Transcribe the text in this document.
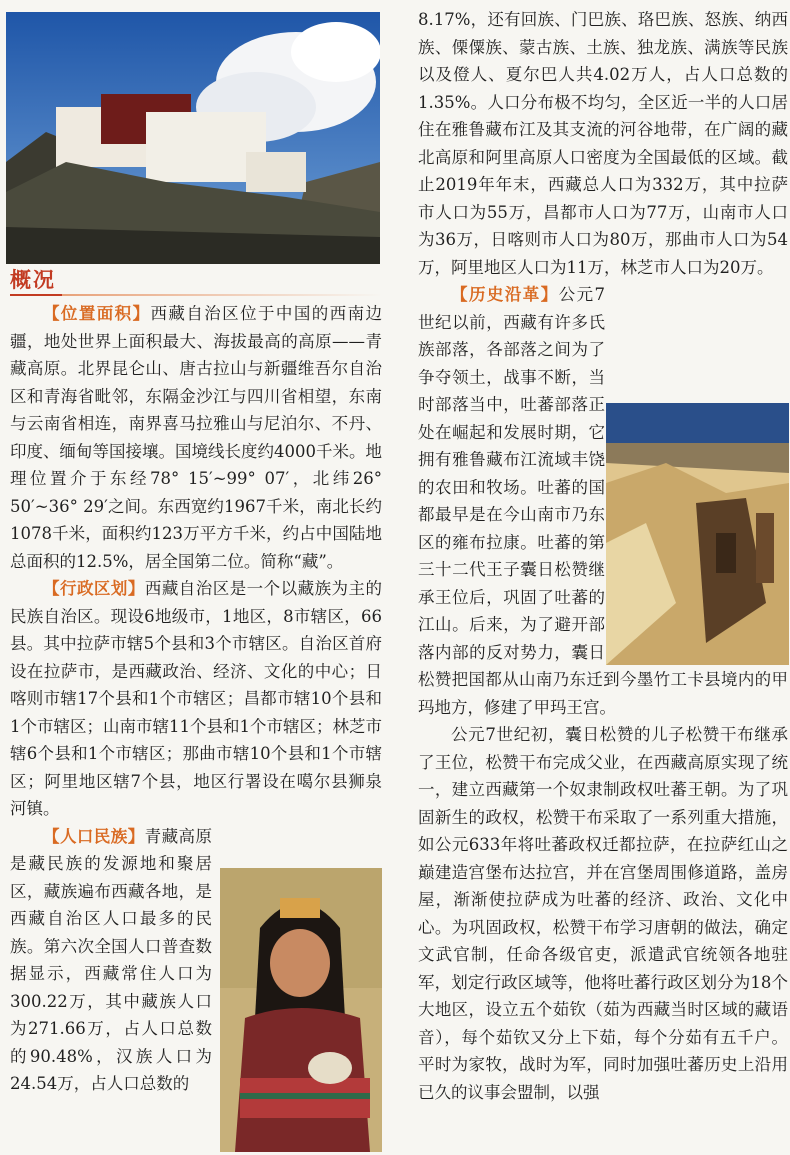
概况

【位置面积】西藏自治区位于中国的西南边疆，地处世界上面积最大、海拔最高的高原——青藏高原。北界昆仑山、唐古拉山与新疆维吾尔自治区和青海省毗邻，东隔金沙江与四川省相望，东南与云南省相连，南界喜马拉雅山与尼泊尔、不丹、印度、缅甸等国接壤。国境线长度约4000千米。地理位置介于东经78° 15′~99° 07′，北纬26° 50′~36° 29′之间。东西宽约1967千米，南北长约1078千米，面积约123万平方千米，约占中国陆地总面积的12.5%，居全国第二位。简称“藏”。

【行政区划】西藏自治区是一个以藏族为主的民族自治区。现设6地级市，1地区，8市辖区，66县。其中拉萨市辖5个县和3个市辖区。自治区首府设在拉萨市，是西藏政治、经济、文化的中心；日喀则市辖17个县和1个市辖区；昌都市辖10个县和1个市辖区；山南市辖11个县和1个市辖区；林芝市辖6个县和1个市辖区；那曲市辖10个县和1个市辖区；阿里地区辖7个县，地区行署设在噶尔县狮泉河镇。

【人口民族】青藏高原是藏民族的发源地和聚居区，藏族遍布西藏各地，是西藏自治区人口最多的民族。第六次全国人口普查数据显示，西藏常住人口为300.22万，其中藏族人口为271.66万，占人口总数的90.48%，汉族人口为24.54万，占人口总数的

8.17%，还有回族、门巴族、珞巴族、怒族、纳西族、傈僳族、蒙古族、土族、独龙族、满族等民族以及僜人、夏尔巴人共4.02万人，占人口总数的1.35%。人口分布极不均匀，全区近一半的人口居住在雅鲁藏布江及其支流的河谷地带，在广阔的藏北高原和阿里高原人口密度为全国最低的区域。截止2019年年末，西藏总人口为332万，其中拉萨市人口为55万，昌都市人口为77万，山南市人口为36万，日喀则市人口为80万，那曲市人口为54万，阿里地区人口为11万，林芝市人口为20万。

【历史沿革】
公元7世纪以前，西藏有许多氏族部落，各部落之间为了争夺领土，战事不断，当时部落当中，吐蕃部落正处在崛起和发展时期，它拥有雅鲁藏布江流域丰饶的农田和牧场。吐蕃的国都最早是在今山南市乃东区的雍布拉康。吐蕃的第三十二代王子囊日松赞继承王位后，巩固了吐蕃的江山。后来，为了避开部落内部的反对势力，囊日松赞把国都从山南乃东迁到今墨竹工卡县境内的甲玛地方，修建了甲玛王宫。

公元7世纪初，囊日松赞的儿子松赞干布继承了王位，松赞干布完成父业，在西藏高原实现了统一，建立西藏第一个奴隶制政权吐蕃王朝。为了巩固新生的政权，松赞干布采取了一系列重大措施，如公元633年将吐蕃政权迁都拉萨，在拉萨红山之巅建造宫堡布达拉宫，并在宫堡周围修道路，盖房屋，渐渐使拉萨成为吐蕃的经济、政治、文化中心。为巩固政权，松赞干布学习唐朝的做法，确定文武官制，任命各级官吏，派遣武官统领各地驻军，划定行政区域等，他将吐蕃行政区划分为18个大地区，设立五个茹钦（茹为西藏当时区域的藏语音），每个茹钦又分上下茹，每个分茹有五千户。平时为家牧，战时为军，同时加强吐蕃历史上沿用已久的议事会盟制，以强
